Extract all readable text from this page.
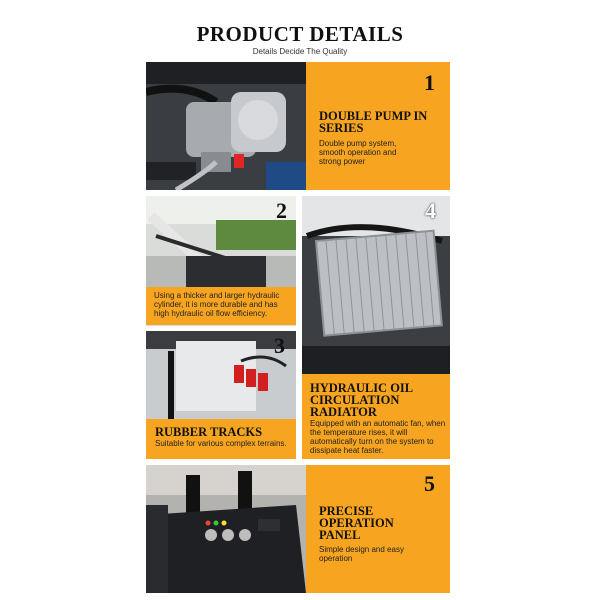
PRODUCT DETAILS
Details Decide The Quality
1
DOUBLE PUMP IN SERIES
Double pump system, smooth operation and strong power
2
Using a thicker and larger hydraulic cylinder, it is more durable and has high hydraulic oil flow efficiency.
3
RUBBER TRACKS
Suitable for various complex terrains.
4
HYDRAULIC OIL CIRCULATION RADIATOR
Equipped with an automatic fan, when the temperature rises, it will automatically turn on the system to dissipate heat faster.
5
PRECISE OPERATION PANEL
Simple design and easy operation
